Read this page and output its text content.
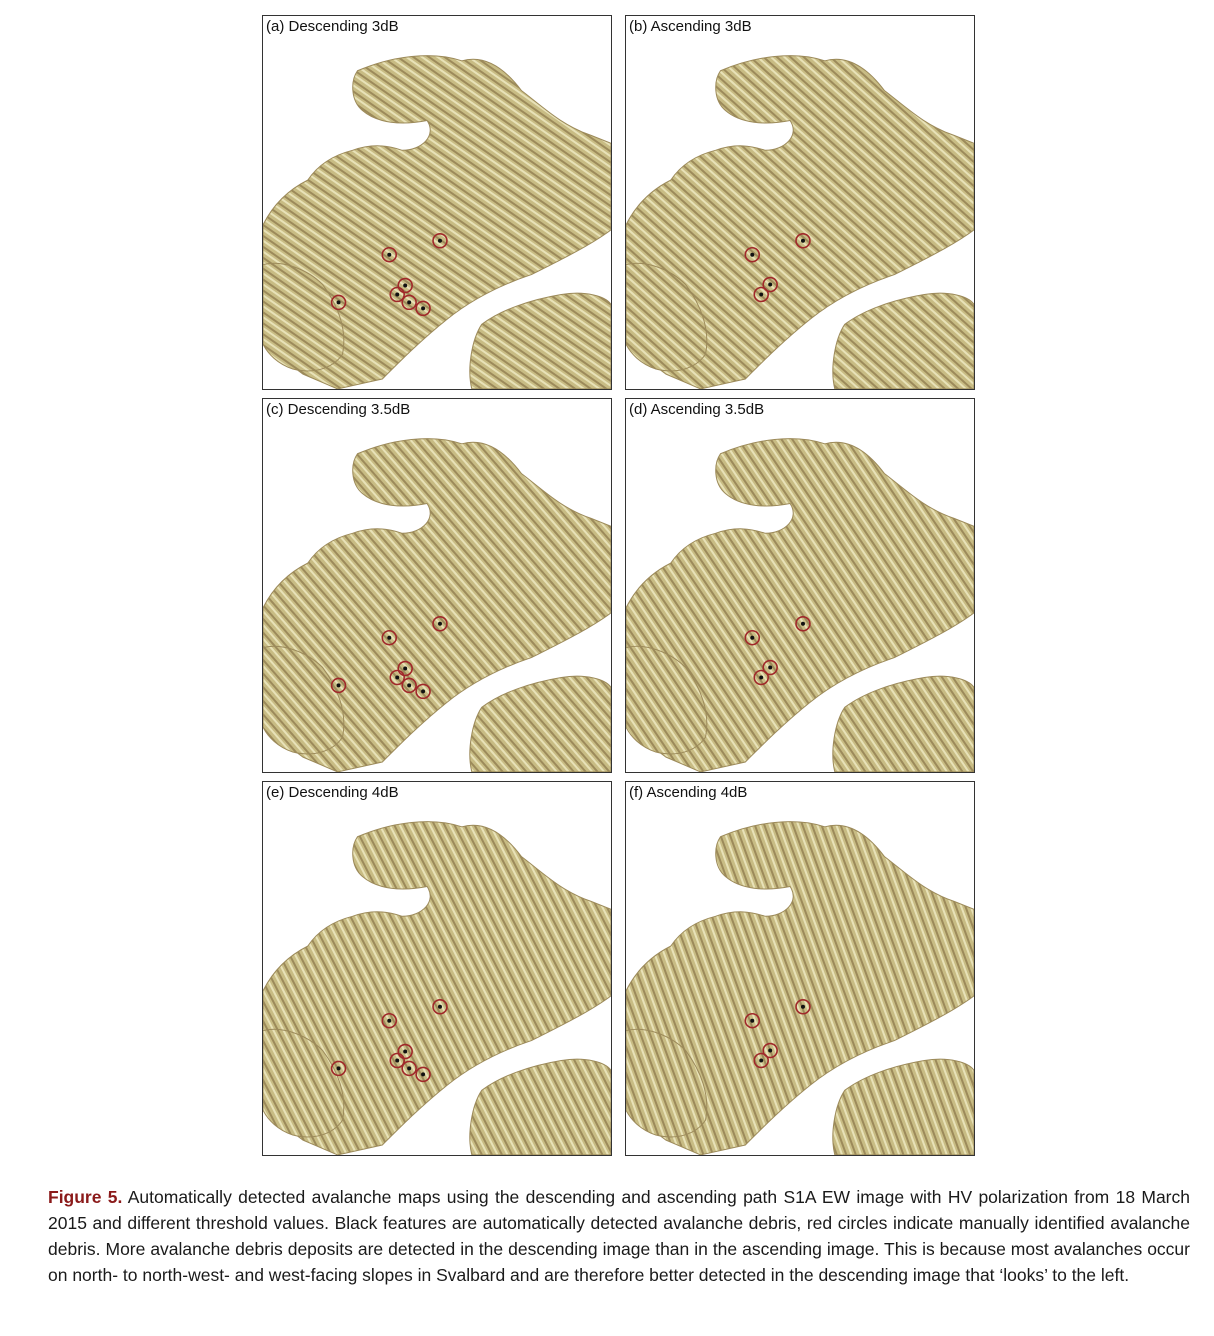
(a) Descending 3dB	(b) Ascending 3dB
(c) Descending 3.5dB	(d) Ascending 3.5dB
(e) Descending 4dB	(f) Ascending 4dB
Figure 5. Automatically detected avalanche maps using the descending and ascending path S1A EW image with HV polarization from 18 March 2015 and different threshold values. Black features are automatically detected avalanche debris, red circles indicate manually identified avalanche debris. More avalanche debris deposits are detected in the descending image than in the ascending image. This is because most avalanches occur on north- to north-west- and west-facing slopes in Svalbard and are therefore better detected in the descending image that ‘looks’ to the left.
